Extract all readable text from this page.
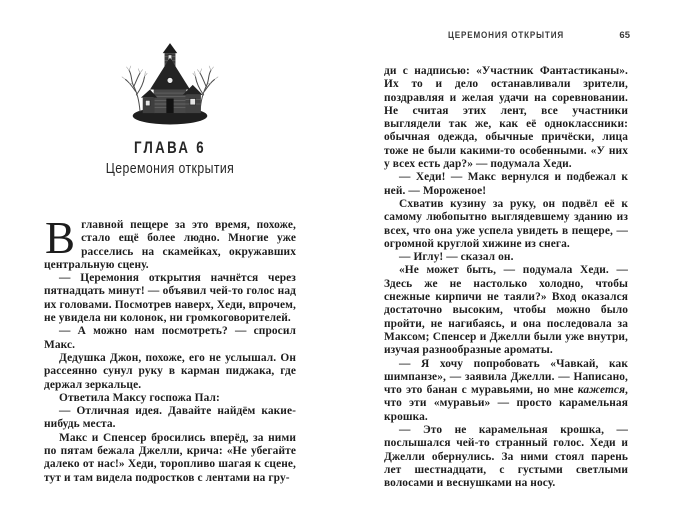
ГЛАВА 6
Церемония открытия

Вглавной пещере за это время, похоже, стало ещё более людно. Многие уже расселись на скамейках, окружавших центральную сцену.

— Церемония открытия начнётся через пятнадцать минут! — объявил чей-то голос над их головами. Посмотрев наверх, Хеди, впрочем, не увидела ни колонок, ни громкоговорителей.

— А можно нам посмотреть? — спросил Макс.

Дедушка Джон, похоже, его не услышал. Он рассеянно сунул руку в карман пиджака, где держал зеркальце.

Ответила Максу госпожа Пал:

— Отличная идея. Давайте найдём какие-нибудь места.

Макс и Спенсер бросились вперёд, за ними по пятам бежала Джелли, крича: «Не убегайте далеко от нас!» Хеди, торопливо шагая к сцене, тут и там видела подростков с лентами на гру-

ЦЕРЕМОНИЯ ОТКРЫТИЯ	65

ди с надписью: «Участник Фантастиканы». Их то и дело останавливали зрители, поздравляя и желая удачи на соревновании. Не считая этих лент, все участники выглядели так же, как её одноклассники: обычная одежда, обычные причёски, лица тоже не были какими-то особенными. «У них у всех есть дар?» — подумала Хеди.

— Хеди! — Макс вернулся и подбежал к ней. — Мороженое!

Схватив кузину за руку, он подвёл её к самому любопытно выглядевшему зданию из всех, что она уже успела увидеть в пещере, — огромной круглой хижине из снега.

— Иглу! — сказал он.

«Не может быть, — подумала Хеди. — Здесь же не настолько холодно, чтобы снежные кирпичи не таяли?» Вход оказался достаточно высоким, чтобы можно было пройти, не нагибаясь, и она последовала за Максом; Спенсер и Джелли были уже внутри, изучая разнообразные ароматы.

— Я хочу попробовать «Чавкай, как шимпанзе», — заявила Джелли. — Написано, что это банан с муравьями, но мне кажется, что эти «муравьи» — просто карамельная крошка.

— Это не карамельная крошка, — послышался чей-то странный голос. Хеди и Джелли обернулись. За ними стоял парень лет шестнадцати, с густыми светлыми волосами и веснушками на носу.
